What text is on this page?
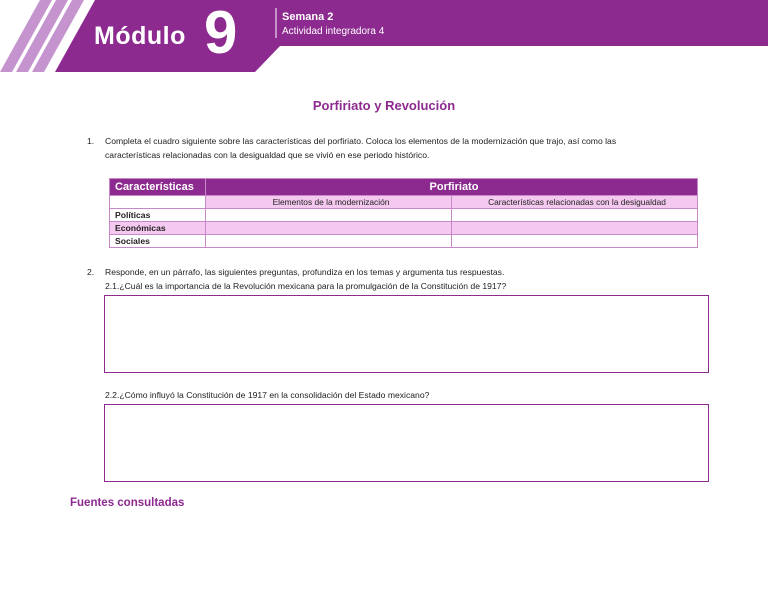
Módulo 9	Semana 2
Actividad integradora 4
Porfiriato y Revolución
1. Completa el cuadro siguiente sobre las características del porfiriato. Coloca los elementos de la modernización que trajo, así como las
características relacionadas con la desigualdad que se vivió en ese periodo histórico.
Características	Porfiriato	
	Elementos de la modernización	Características relacionadas con la desigualdad
Políticas		
Económicas		
Sociales		
2. Responde, en un párrafo, las siguientes preguntas, profundiza en los temas y argumenta tus respuestas.
2.1.¿Cuál es la importancia de la Revolución mexicana para la promulgación de la Constitución de 1917?
2.2.¿Cómo influyó la Constitución de 1917 en la consolidación del Estado mexicano?
Fuentes consultadas
